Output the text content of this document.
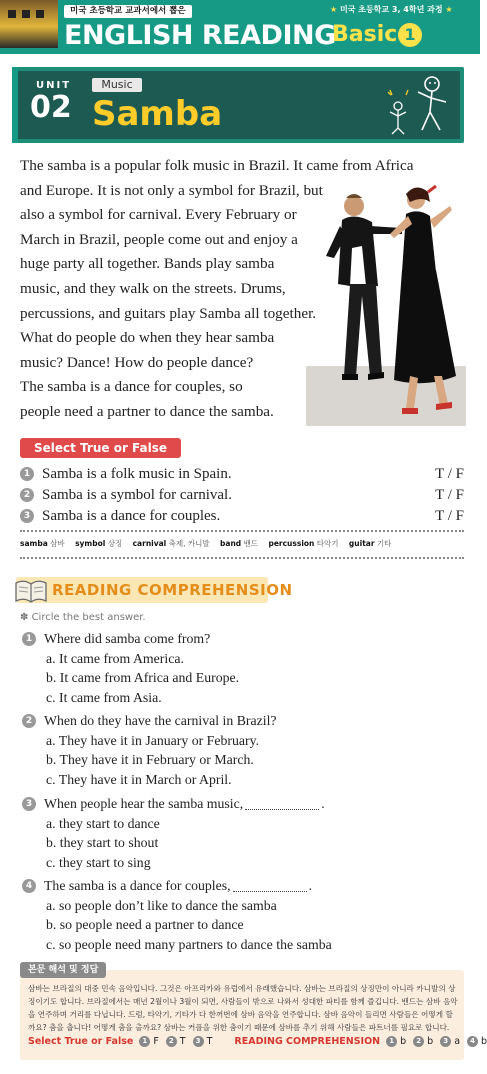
미국 초등학교 교과서에서 뽑은	★ 미국 초등학교 3, 4학년 과정 ★
ENGLISH READING
Basic 1
UNIT
02
Music
Samba
The samba is a popular folk music in Brazil. It came from Africa
and Europe. It is not only a symbol for Brazil, but
also a symbol for carnival. Every February or
March in Brazil, people come out and enjoy a
huge party all together. Bands play samba
music, and they walk on the streets. Drums,
percussions, and guitars play Samba all together.
What do people do when they hear samba
music? Dance! How do people dance?
The samba is a dance for couples, so
people need a partner to dance the samba.
Select True or False
1 Samba is a folk music in Spain.	T / F
2 Samba is a symbol for carnival.	T / F
3 Samba is a dance for couples.	T / F
samba 삼바 symbol 상징 carnival 축제, 카니발 band 밴드 percussion 타악기 guitar 기타
READING COMPREHENSION
✽ Circle the best answer.
1 Where did samba come from?
a. It came from America.
b. It came from Africa and Europe.
c. It came from Asia.
2 When do they have the carnival in Brazil?
a. They have it in January or February.
b. They have it in February or March.
c. They have it in March or April.
3 When people hear the samba music,	.
a. they start to dance
b. they start to shout
c. they start to sing
4 The samba is a dance for couples,	.
a. so people don’t like to dance the samba
b. so people need a partner to dance
c. so people need many partners to dance the samba
본문 해석 및 정답
삼바는 브라질의 대중 민속 음악입니다. 그것은 아프리카와 유럽에서 유래했습니다. 삼바는 브라질의 상징만이 아니라 카니발의 상징이기도 합니다. 브라질에서는 매년 2월이나 3월이 되면, 사람들이 밖으로 나와서 성대한 파티를 함께 즐깁니다. 밴드는 삼바 음악을 연주하며 거리를 다닙니다. 드럼, 타악기, 기타가 다 한꺼번에 삼바 음악을 연주합니다. 삼바 음악이 들리면 사람들은 어떻게 할까요? 춤을 춥니다! 어떻게 춤을 출까요? 삼바는 커플을 위한 춤이기 때문에 삼바를 추기 위해 사람들은 파트너를 필요로 합니다.
Select True or False	1 F	2 T	3 T READING COMPREHENSION	1 b	2 b	3 a	4 b
